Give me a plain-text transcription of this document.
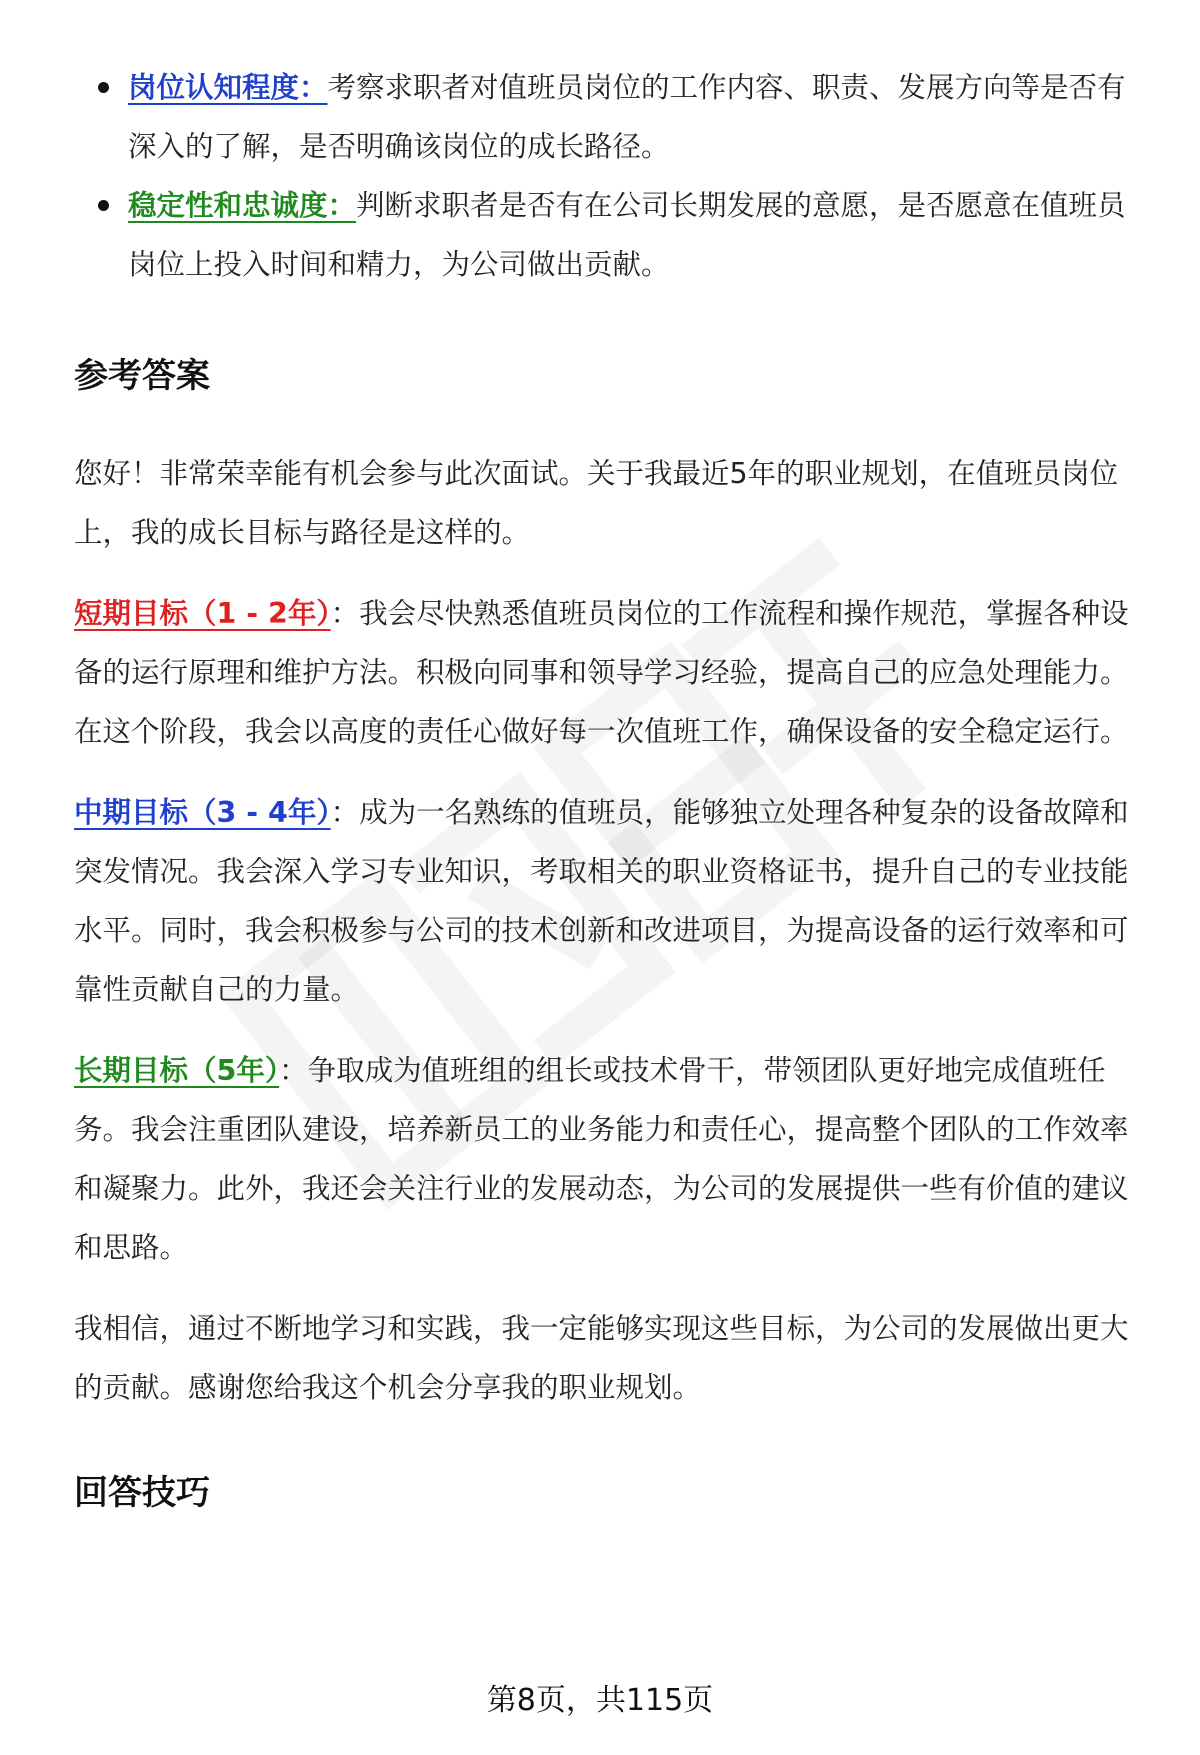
岗位认知程度：考察求职者对值班员岗位的工作内容、职责、发展方向等是否有深入的了解，是否明确该岗位的成长路径。
稳定性和忠诚度：判断求职者是否有在公司长期发展的意愿，是否愿意在值班员岗位上投入时间和精力，为公司做出贡献。
参考答案

您好！非常荣幸能有机会参与此次面试。关于我最近5年的职业规划，在值班员岗位上，我的成长目标与路径是这样的。

短期目标（1 - 2年）：我会尽快熟悉值班员岗位的工作流程和操作规范，掌握各种设备的运行原理和维护方法。积极向同事和领导学习经验，提高自己的应急处理能力。在这个阶段，我会以高度的责任心做好每一次值班工作，确保设备的安全稳定运行。

中期目标（3 - 4年）：成为一名熟练的值班员，能够独立处理各种复杂的设备故障和突发情况。我会深入学习专业知识，考取相关的职业资格证书，提升自己的专业技能水平。同时，我会积极参与公司的技术创新和改进项目，为提高设备的运行效率和可靠性贡献自己的力量。

长期目标（5年）：争取成为值班组的组长或技术骨干，带领团队更好地完成值班任务。我会注重团队建设，培养新员工的业务能力和责任心，提高整个团队的工作效率和凝聚力。此外，我还会关注行业的发展动态，为公司的发展提供一些有价值的建议和思路。

我相信，通过不断地学习和实践，我一定能够实现这些目标，为公司的发展做出更大的贡献。感谢您给我这个机会分享我的职业规划。

回答技巧
第8页，共115页
